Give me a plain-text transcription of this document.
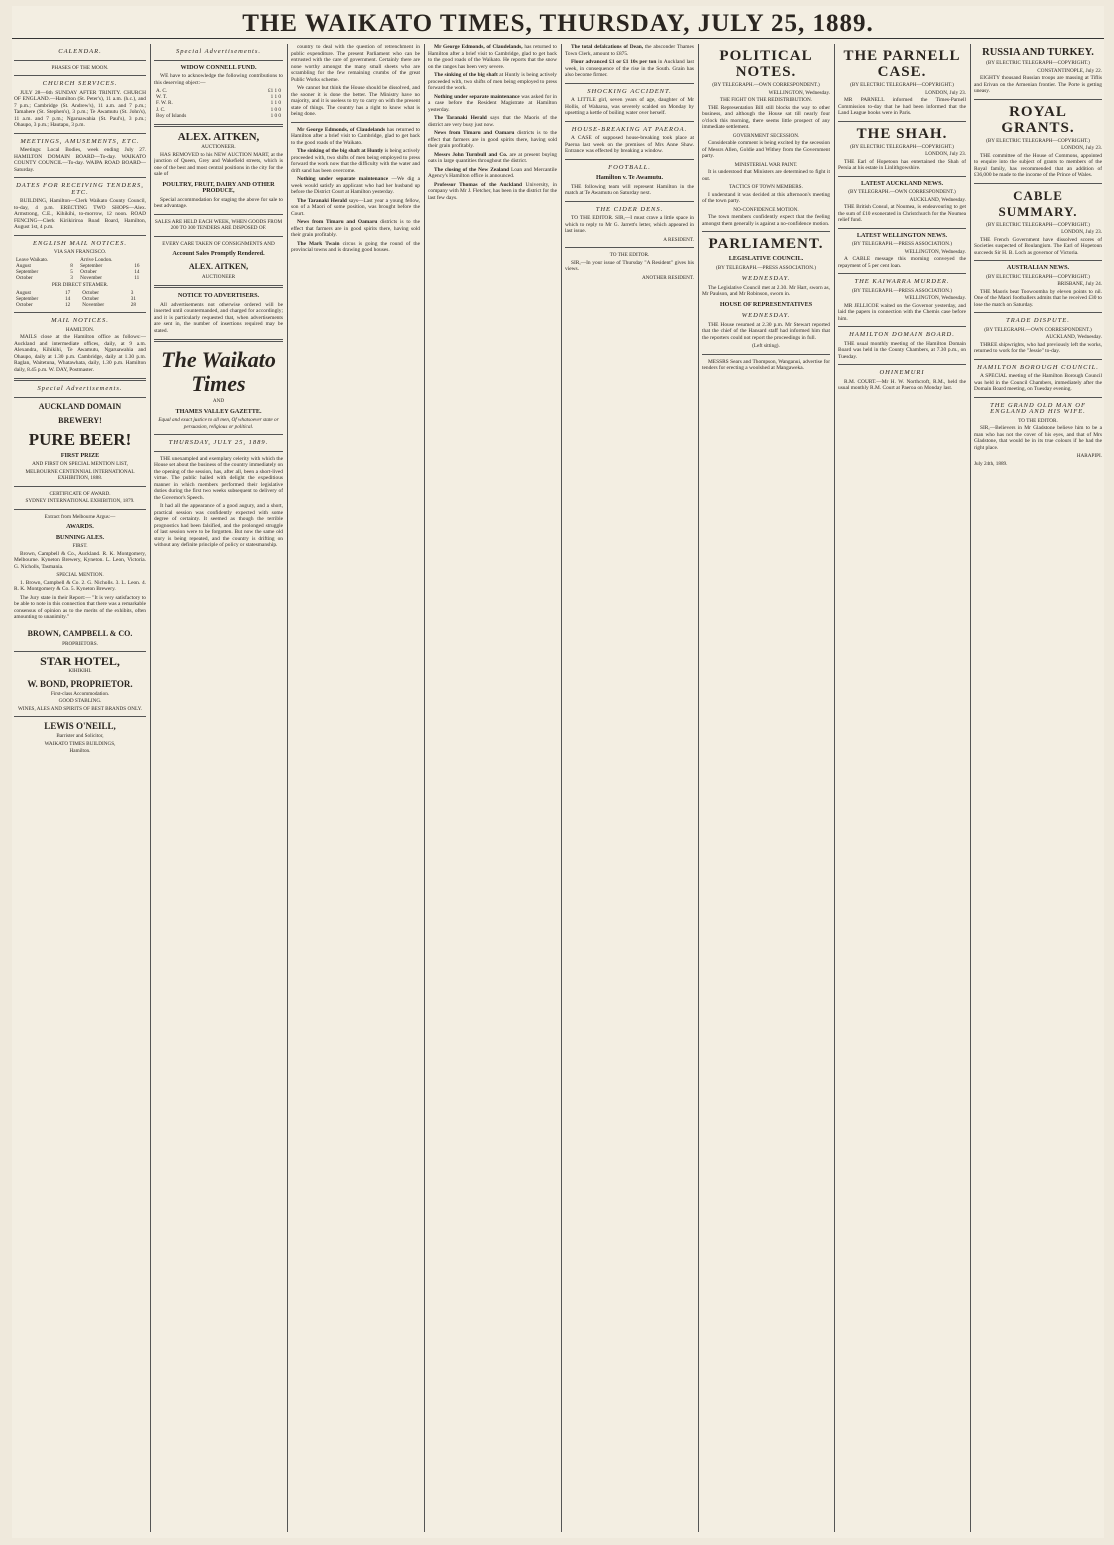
THE WAIKATO TIMES, THURSDAY, JULY 25, 1889.
CALENDAR.
PHASES OF THE MOON.
CHURCH SERVICES.

JULY 28—6th SUNDAY AFTER TRINITY. CHURCH OF ENGLAND.—Hamilton (St. Peter's), 11 a.m. (h.c.), and 7 p.m.; Cambridge (St. Andrew's), 11 a.m. and 7 p.m.; Tamahere (St. Stephen's), 3 p.m.; Te Awamutu (St. John's), 11 a.m. and 7 p.m.; Ngaruawahia (St. Paul's), 3 p.m.; Ohaupo, 3 p.m.; Hautapu, 3 p.m.

MEETINGS, AMUSEMENTS, ETC.

Meetings: Local Bodies, week ending July 27. HAMILTON DOMAIN BOARD—To-day. WAIKATO COUNTY COUNCIL—To-day. WAIPA ROAD BOARD—Saturday.

DATES FOR RECEIVING TENDERS, ETC.

BUILDING, Hamilton—Clerk Waikato County Council, to-day, 4 p.m. ERECTING TWO SHOPS—Alex. Armstrong, C.E., Kihikihi, to-morrow, 12 noon. ROAD FENCING—Clerk Kirikiriroa Road Board, Hamilton, August 1st, 4 p.m.

ENGLISH MAIL NOTICES.
VIA SAN FRANCISCO.
Leave Waikato.		Arrive London.	
August	8	September	16
September	5	October	14
October	3	November	11
PER DIRECT STEAMER.
August	17	October	3
September	14	October	31
October	12	November	28
MAIL NOTICES.
HAMILTON.

MAILS close at the Hamilton office as follows:— Auckland and intermediate offices, daily, at 9 a.m. Alexandra, Kihikihi, Te Awamutu, Ngaruawahia and Ohaupo, daily at 1.30 p.m. Cambridge, daily at 1.30 p.m. Raglan, Waitetuna, Whatawhata, daily, 1.30 p.m. Hamilton daily, 8.45 p.m. W. DAY, Postmaster.

Special Advertisements.
AUCKLAND DOMAIN
BREWERY!
PURE BEER!
FIRST PRIZE
AND FIRST ON SPECIAL MENTION LIST,
MELBOURNE CENTENNIAL INTERNATIONAL EXHIBITION, 1888.
CERTIFICATE OF AWARD.
SYDNEY INTERNATIONAL EXHIBITION, 1879.
Extract from Melbourne Argus:—
AWARDS.
BUNNING ALES.
FIRST.

Brown, Campbell & Co., Auckland. R. K. Montgomery, Melbourne. Kyneton Brewery, Kyneton. L. Leon, Victoria. G. Nicholls, Tasmania.

SPECIAL MENTION.

1. Brown, Campbell & Co. 2. G. Nicholls. 3. L. Leon. 4. R. K. Montgomery & Co. 5. Kyneton Brewery.

The Jury state in their Report:— "It is very satisfactory to be able to note in this connection that there was a remarkable consensus of opinion as to the merits of the exhibits, often amounting to unanimity."

BROWN, CAMPBELL & CO.
PROPRIETORS.
STAR HOTEL,
KIHIKIHI.
W. BOND, PROPRIETOR.
First-class Accommodation.
GOOD STABLING.
WINES, ALES AND SPIRITS OF BEST BRANDS ONLY.
LEWIS O'NEILL,
Barrister and Solicitor,
WAIKATO TIMES BUILDINGS,
Hamilton.
Special Advertisements.
WIDOW CONNELL FUND.

WE have to acknowledge the following contributions to this deserving object:—

A. C.	£1 1 0
W. T.	1 1 0
F. W. R.	1 1 0
J. C.	1 0 0
Boy of Islands	1 0 0
ALEX. AITKEN,
AUCTIONEER.

HAS REMOVED to his NEW AUCTION MART, at the junction of Queen, Grey and Wakefield streets, which is one of the best and most central positions in the city for the sale of

POULTRY, FRUIT, DAIRY AND OTHER PRODUCE,

Special accommodation for staging the above for sale to best advantage.

SALES ARE HELD EACH WEEK, WHEN GOODS FROM 200 TO 300 TENDERS ARE DISPOSED OF.
EVERY CARE TAKEN OF CONSIGNMENTS AND
Account Sales Promptly Rendered.
ALEX. AITKEN,
AUCTIONEER
NOTICE TO ADVERTISERS.

All advertisements not otherwise ordered will be inserted until countermanded, and charged for accordingly; and it is particularly requested that, when advertisements are sent in, the number of insertions required may be stated.

The Waikato Times
AND
THAMES VALLEY GAZETTE.
Equal and exact justice to all men, Of whatsoever state or persuasion, religious or political.
THURSDAY, JULY 25, 1889.

THE unexampled and exemplary celerity with which the House set about the business of the country immediately on the opening of the session, has, after all, been a short-lived virtue. The public hailed with delight the expeditious manner in which members performed their legislative duties during the first two weeks subsequent to delivery of the Governor's Speech.

It had all the appearance of a good augury, and a short, practical session was confidently expected with some degree of certainty. It seemed as though the terrible prognostics had been falsified, and the prolonged struggle of last session were to be forgotten. But now the same old story is being repeated, and the country is drifting on without any definite principle of policy or statesmanship.

country to deal with the question of retrenchment in public expenditure. The present Parliament who can be entrusted with the care of government. Certainly there are none worthy amongst the many small sheets who are scrambling for the few remaining crumbs of the great Public Works scheme.

We cannot but think the House should be dissolved, and the sooner it is done the better. The Ministry have no majority, and it is useless to try to carry on with the present state of things. The country has a right to know what is being done.

Mr George Edmonds, of Claudelands has returned to Hamilton after a brief visit to Cambridge, glad to get back to the good roads of the Waikato.

The sinking of the big shaft at Huntly is being actively proceeded with, two shifts of men being employed to press forward the work now that the difficulty with the water and drift sand has been overcome.

Nothing under separate maintenance —We dig a week would satisfy an applicant who had her husband up before the District Court at Hamilton yesterday.

The Taranaki Herald says—Last year a young fellow, son of a Maori of some position, was brought before the Court.

News from Timaru and Oamaru districts is to the effect that farmers are in good spirits there, having sold their grain profitably.

The Mark Twain circus is going the round of the provincial towns and is drawing good houses.

Mr George Edmonds, of Claudelands, has returned to Hamilton after a brief visit to Cambridge, glad to get back to the good roads of the Waikato. He reports that the snow on the ranges has been very severe.

The sinking of the big shaft at Huntly is being actively proceeded with, two shifts of men being employed to press forward the work.

Nothing under separate maintenance was asked for in a case before the Resident Magistrate at Hamilton yesterday.

The Taranaki Herald says that the Maoris of the district are very busy just now.

News from Timaru and Oamaru districts is to the effect that farmers are in good spirits there, having sold their grain profitably.

Messrs John Turnbull and Co. are at present buying oats in large quantities throughout the district.

The closing of the New Zealand Loan and Mercantile Agency's Hamilton office is announced.

Professor Thomas of the Auckland University, in company with Mr J. Fletcher, has been in the district for the last few days.

The total defalcations of Dean, the absconder Thames Town Clerk, amount to £875.

Flour advanced £1 or £1 10s per ton in Auckland last week, in consequence of the rise in the South. Grain has also become firmer.

SHOCKING ACCIDENT.

A LITTLE girl, seven years of age, daughter of Mr Hollis, of Waharoa, was severely scalded on Monday by upsetting a kettle of boiling water over herself.

HOUSE-BREAKING AT PAEROA.

A CASE of supposed house-breaking took place at Paeroa last week on the premises of Mrs Anne Shaw. Entrance was effected by breaking a window.

FOOTBALL.
Hamilton v. Te Awamutu.

THE following team will represent Hamilton in the match at Te Awamutu on Saturday next.

THE CIDER DENS.

TO THE EDITOR. SIR,—I must crave a little space in which to reply to Mr G. Jarrett's letter, which appeared in last issue.

A RESIDENT.
TO THE EDITOR.

SIR,—In your issue of Thursday "A Resident" gives his views.

ANOTHER RESIDENT.
POLITICAL NOTES.
(BY TELEGRAPH.—OWN CORRESPONDENT.)
WELLINGTON, Wednesday.
THE FIGHT ON THE REDISTRIBUTION.

THE Representation Bill still blocks the way to other business, and although the House sat till nearly four o'clock this morning, there seems little prospect of any immediate settlement.

GOVERNMENT SECESSION.

Considerable comment is being excited by the secession of Messrs Allen, Goldie and Withey from the Government party.

MINISTERIAL WAR PAINT.

It is understood that Ministers are determined to fight it out.

TACTICS OF TOWN MEMBERS.

I understand it was decided at this afternoon's meeting of the town party.

NO-CONFIDENCE MOTION.

The town members confidently expect that the feeling amongst them generally is against a no-confidence motion.

PARLIAMENT.
LEGISLATIVE COUNCIL.
(BY TELEGRAPH.—PRESS ASSOCIATION.)
WEDNESDAY.

The Legislative Council met at 2.30. Mr Hart, sworn as, Mr Paulson, and Mr Robinson, sworn in.

HOUSE OF REPRESENTATIVES
WEDNESDAY.

THE House resumed at 2.30 p.m. Mr Stewart reported that the chief of the Hansard staff had informed him that the reporters could not report the proceedings in full.

(Left sitting).

MESSRS Sears and Thompson, Wanganui, advertise for tenders for erecting a woolshed at Mangaweka.

THE PARNELL CASE.
(BY ELECTRIC TELEGRAPH—COPYRIGHT.)
LONDON, July 23.

MR PARNELL informed the Times-Parnell Commission to-day that he had been informed that the Land League books were in Paris.

THE SHAH.
(BY ELECTRIC TELEGRAPH—COPYRIGHT.)
LONDON, July 23.

THE Earl of Hopetoun has entertained the Shah of Persia at his estate in Linlithgowshire.

LATEST AUCKLAND NEWS.
(BY TELEGRAPH.—OWN CORRESPONDENT.)
AUCKLAND, Wednesday.

THE British Consul, at Noumea, is endeavouring to get the sum of £10 exonerated in Christchurch for the Noumea relief fund.

LATEST WELLINGTON NEWS.
(BY TELEGRAPH.—PRESS ASSOCIATION.)
WELLINGTON, Wednesday.

A CABLE message this morning conveyed the repayment of 5 per cent loan.

THE KAIWARRA MURDER.
(BY TELEGRAPH.—PRESS ASSOCIATION.)
WELLINGTON, Wednesday.

MR JELLICOE waited on the Governor yesterday, and laid the papers in connection with the Chemis case before him.

HAMILTON DOMAIN BOARD.

THE usual monthly meeting of the Hamilton Domain Board was held in the County Chambers, at 7.30 p.m., on Tuesday.

OHINEMURI

R.M. COURT.—Mr H. W. Northcroft, R.M., held the usual monthly R.M. Court at Paeroa on Monday last.

RUSSIA AND TURKEY.
(BY ELECTRIC TELEGRAPH—COPYRIGHT.)
CONSTANTINOPLE, July 22.

EIGHTY thousand Russian troops are massing at Tiflis and Erivan on the Armenian frontier. The Porte is getting uneasy.

ROYAL GRANTS.
(BY ELECTRIC TELEGRAPH—COPYRIGHT.)
LONDON, July 23.

THE committee of the House of Commons, appointed to enquire into the subject of grants to members of the Royal family, has recommended that an addition of £36,000 be made to the income of the Prince of Wales.

CABLE SUMMARY.
(BY ELECTRIC TELEGRAPH—COPYRIGHT.)
LONDON, July 23.

THE French Government have dissolved scores of Societies suspected of Boulangism. The Earl of Hopetoun succeeds Sir H. B. Loch as governor of Victoria.

AUSTRALIAN NEWS.
(BY ELECTRIC TELEGRAPH—COPYRIGHT.)
BRISBANE, July 24.

THE Maoris beat Toowoomba by eleven points to nil. One of the Maori footballers admits that he received £30 to lose the match on Saturday.

TRADE DISPUTE.
(BY TELEGRAPH.—OWN CORRESPONDENT.)
AUCKLAND, Wednesday.

THREE shipwrights, who had previously left the works, returned to work for the "Jessie" to-day.

HAMILTON BOROUGH COUNCIL.

A SPECIAL meeting of the Hamilton Borough Council was held in the Council Chambers, immediately after the Domain Board meeting, on Tuesday evening.

THE GRAND OLD MAN OF ENGLAND AND HIS WIFE.
TO THE EDITOR.

SIR,—Believers in Mr Gladstone believe him to be a man who has not the cover of his eyes, and that of Mrs Gladstone, that would be in its true colours if he had the right place.

HARAPIPI.
July 24th, 1889.
